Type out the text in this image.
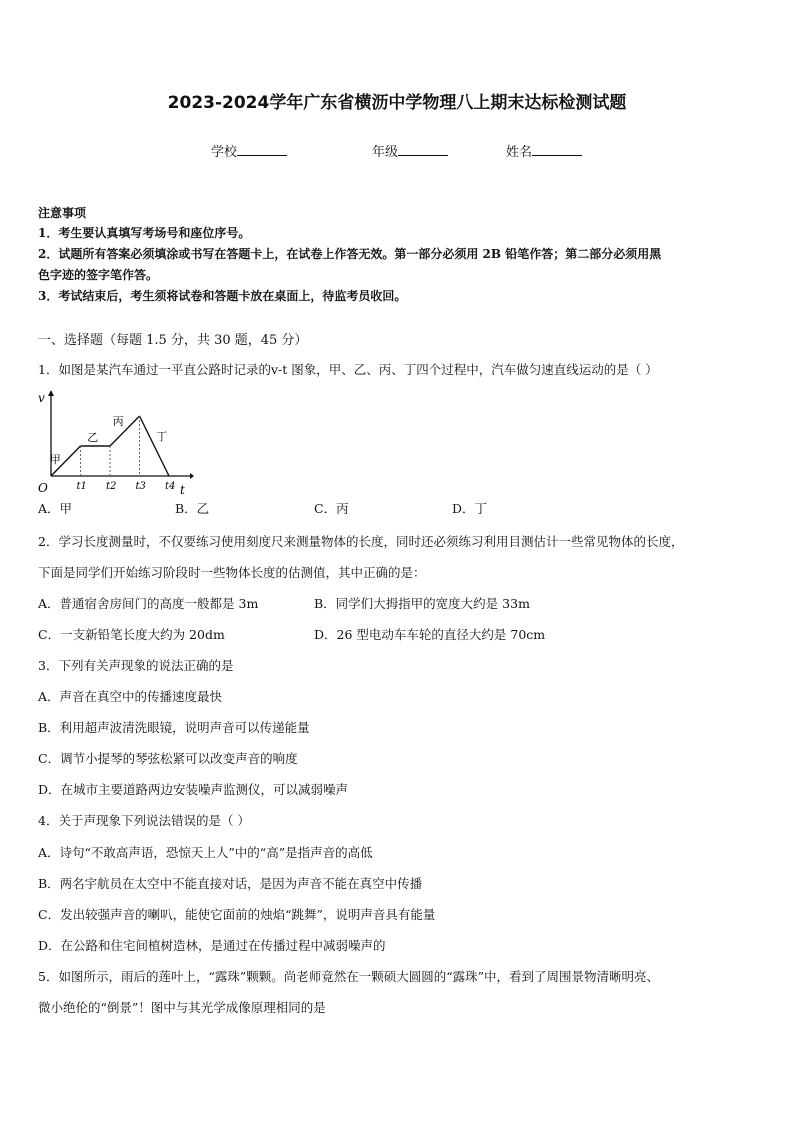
2023-2024学年广东省横沥中学物理八上期末达标检测试题
学校	年级	姓名
注意事项
1．考生要认真填写考场号和座位序号。
2．试题所有答案必须填涂或书写在答题卡上，在试卷上作答无效。第一部分必须用 2B 铅笔作答；第二部分必须用黑
色字迹的签字笔作答。
3．考试结束后，考生须将试卷和答题卡放在桌面上，待监考员收回。
一、选择题（每题 1.5 分，共 30 题，45 分）
1．如图是某汽车通过一平直公路时记录的v-t 图象，甲、乙、丙、丁四个过程中，汽车做匀速直线运动的是（ ）
v
t
O
甲
乙
丙
丁
t1 t2 t3 t4
A．甲	B．乙	C．丙	D．丁
2．学习长度测量时，不仅要练习使用刻度尺来测量物体的长度，同时还必须练习利用目测估计一些常见物体的长度，
下面是同学们开始练习阶段时一些物体长度的估测值，其中正确的是：
A．普通宿舍房间门的高度一般都是 3m	B．同学们大拇指甲的宽度大约是 33m
C．一支新铅笔长度大约为 20dm	D．26 型电动车车轮的直径大约是 70cm
3．下列有关声现象的说法正确的是
A．声音在真空中的传播速度最快
B．利用超声波清洗眼镜，说明声音可以传递能量
C．调节小提琴的琴弦松紧可以改变声音的响度
D．在城市主要道路两边安装噪声监测仪，可以减弱噪声
4．关于声现象下列说法错误的是（ ）
A．诗句“不敢高声语，恐惊天上人”中的“高”是指声音的高低
B．两名宇航员在太空中不能直接对话，是因为声音不能在真空中传播
C．发出较强声音的喇叭，能使它面前的烛焰“跳舞”，说明声音具有能量
D．在公路和住宅间植树造林，是通过在传播过程中减弱噪声的
5．如图所示，雨后的莲叶上，“露珠”颗颗。尚老师竟然在一颗硕大圆圆的“露珠”中，看到了周围景物清晰明亮、
微小绝伦的“倒景”！图中与其光学成像原理相同的是
